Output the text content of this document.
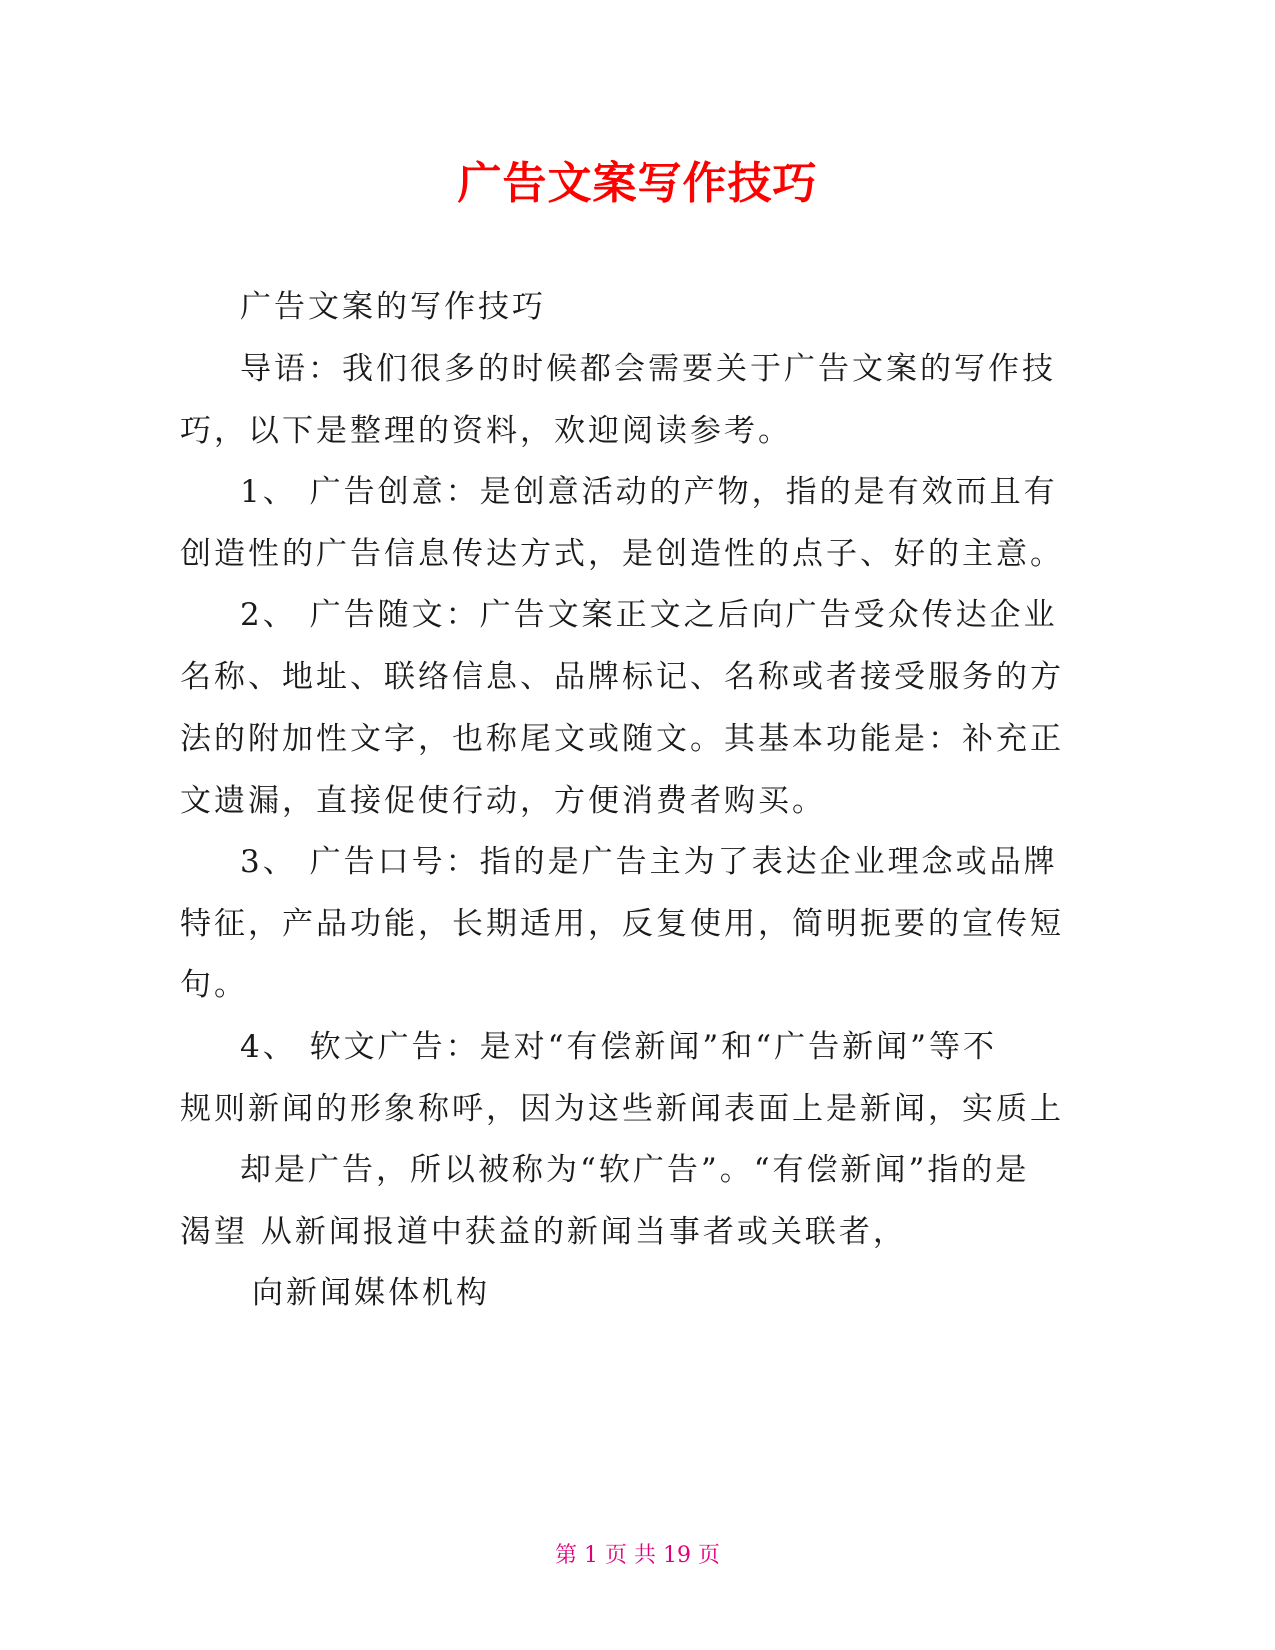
广告文案写作技巧
广告文案的写作技巧
导语：我们很多的时候都会需要关于广告文案的写作技
巧，以下是整理的资料，欢迎阅读参考。
1、 广告创意：是创意活动的产物，指的是有效而且有
创造性的广告信息传达方式，是创造性的点子、好的主意。
2、 广告随文：广告文案正文之后向广告受众传达企业
名称、地址、联络信息、品牌标记、名称或者接受服务的方
法的附加性文字，也称尾文或随文。其基本功能是：补充正
文遗漏，直接促使行动，方便消费者购买。
3、 广告口号：指的是广告主为了表达企业理念或品牌
特征，产品功能，长期适用，反复使用，简明扼要的宣传短
句。
4、 软文广告：是对“有偿新闻”和“广告新闻”等不
规则新闻的形象称呼，因为这些新闻表面上是新闻，实质上
却是广告，所以被称为“软广告”。“有偿新闻”指的是
渴望 从新闻报道中获益的新闻当事者或关联者，
向新闻媒体机构
第 1 页 共 19 页
